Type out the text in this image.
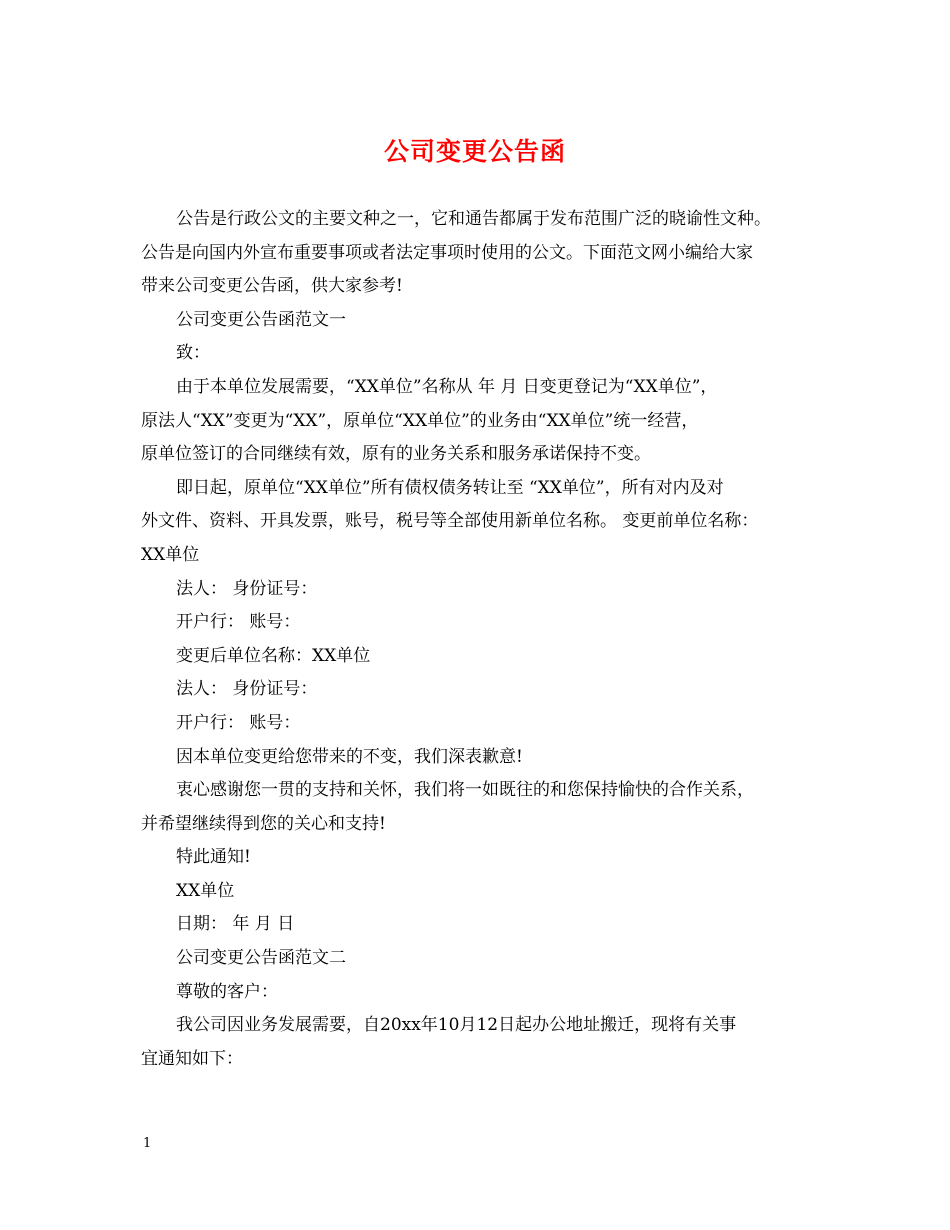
公司变更公告函

公告是行政公文的主要文种之一，它和通告都属于发布范围广泛的晓谕性文种。

公告是向国内外宣布重要事项或者法定事项时使用的公文。下面范文网小编给大家

带来公司变更公告函，供大家参考!

公司变更公告函范文一

致：

由于本单位发展需要，“XX单位”名称从 年 月 日变更登记为“XX单位”，

原法人“XX”变更为“XX”，原单位“XX单位”的业务由“XX单位”统一经营，

原单位签订的合同继续有效，原有的业务关系和服务承诺保持不变。

即日起，原单位“XX单位”所有债权债务转让至 “XX单位”，所有对内及对

外文件、资料、开具发票，账号，税号等全部使用新单位名称。 变更前单位名称：

XX单位

法人： 身份证号：

开户行： 账号：

变更后单位名称：XX单位

法人： 身份证号：

开户行： 账号：

因本单位变更给您带来的不变，我们深表歉意!

衷心感谢您一贯的支持和关怀，我们将一如既往的和您保持愉快的合作关系，

并希望继续得到您的关心和支持!

特此通知!

XX单位

日期： 年 月 日

公司变更公告函范文二

尊敬的客户：

我公司因业务发展需要，自20xx年10月12日起办公地址搬迁，现将有关事

宜通知如下：

1
